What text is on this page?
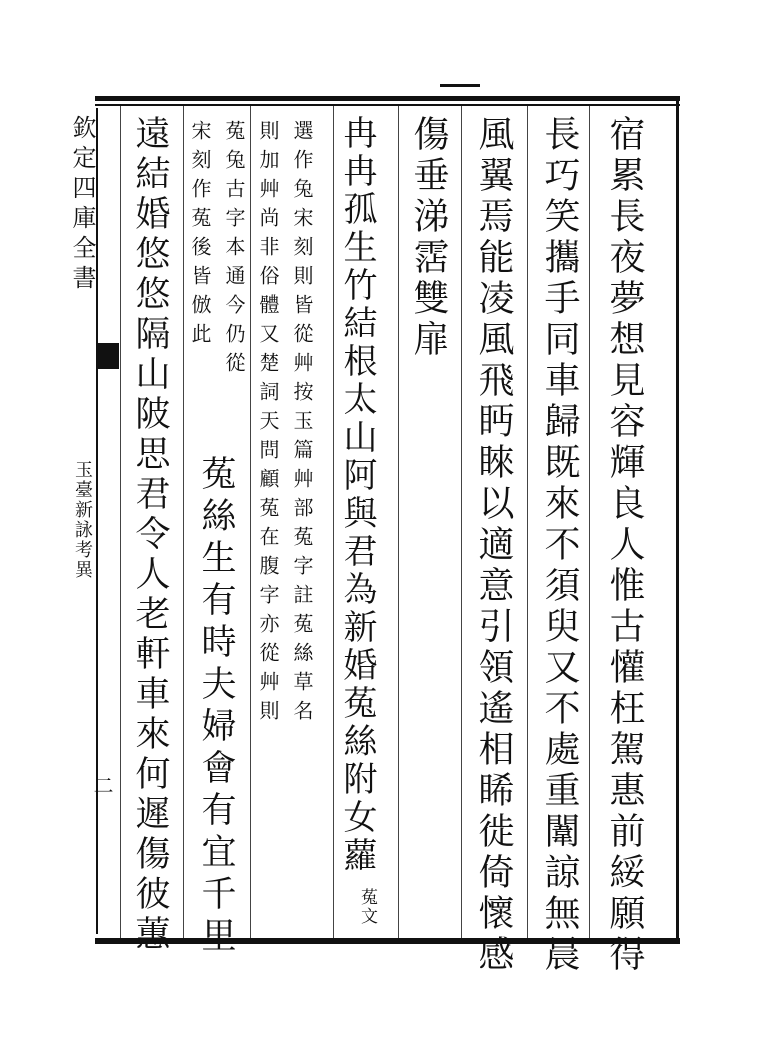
欽定四庫全書
玉臺新詠考異
二	宿累長夜夢想見容輝良人惟古懽枉駕惠前綏願得
長巧笑攜手同車歸既來不須臾又不處重闈諒無晨
風翼焉能凌風飛眄睞以適意引領遙相睎徙倚懷感
傷垂涕霑雙扉
冉冉孤生竹結根太山阿與君為新婚菟絲附女蘿
菟文
選作兔宋刻則皆從艸按玉篇艸部菟字註菟絲草名
則加艸尚非俗體又楚詞天問顧菟在腹字亦從艸則
菟兔古字本通今仍從
菟絲生有時夫婦會有宜千里
宋刻作菟後皆倣此
遠結婚悠悠隔山陂思君令人老軒車來何遲傷彼蕙
